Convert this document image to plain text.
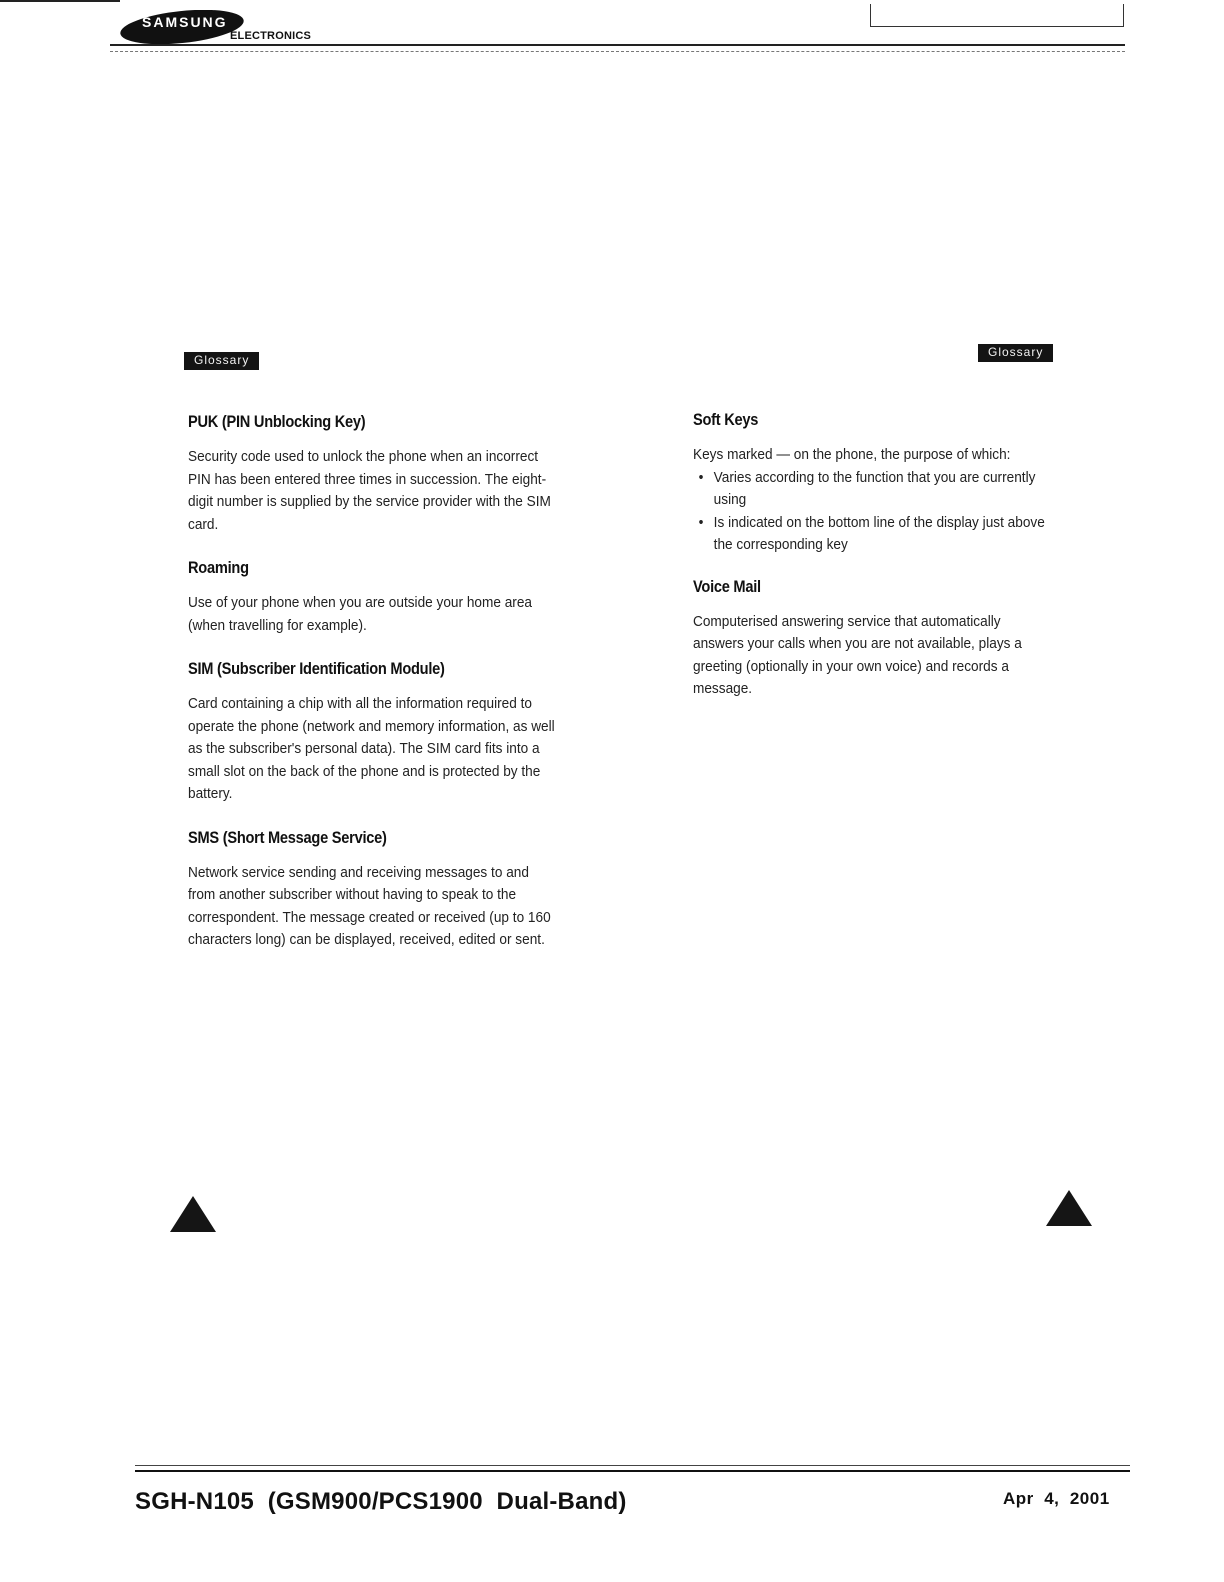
SAMSUNG
ELECTRONICS
Glossary
Glossary
PUK (PIN Unblocking Key)
Security code used to unlock the phone when an incorrect PIN has been entered three times in succession. The eight-digit number is supplied by the service provider with the SIM card.
Roaming
Use of your phone when you are outside your home area (when travelling for example).
SIM (Subscriber Identification Module)
Card containing a chip with all the information required to operate the phone (network and memory information, as well as the subscriber's personal data). The SIM card fits into a small slot on the back of the phone and is protected by the battery.
SMS (Short Message Service)
Network service sending and receiving messages to and from another subscriber without having to speak to the correspondent. The message created or received (up to 160 characters long) can be displayed, received, edited or sent.
Soft Keys
Keys marked — on the phone, the purpose of which:
• Varies according to the function that you are currently using
• Is indicated on the bottom line of the display just above the corresponding key
Voice Mail
Computerised answering service that automatically answers your calls when you are not available, plays a greeting (optionally in your own voice) and records a message.
SGH-N105  (GSM900/PCS1900  Dual-Band)	Apr  4,  2001
